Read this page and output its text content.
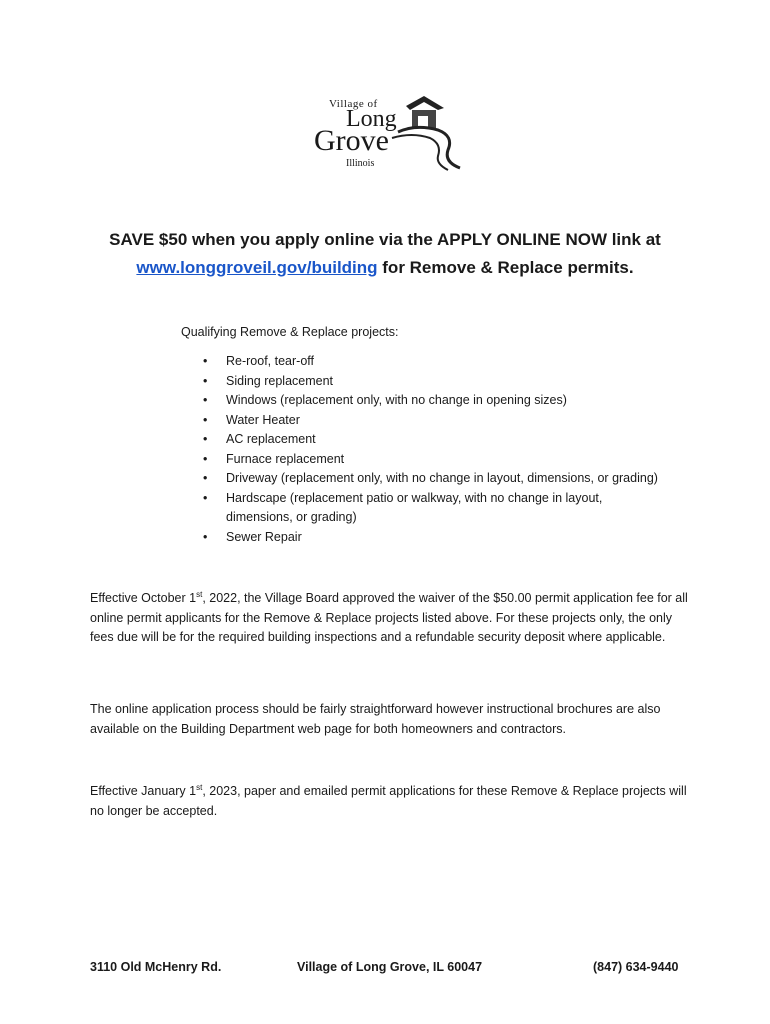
Village of
Long
Grove
Illinois
SAVE $50 when you apply online via the APPLY ONLINE NOW link at
www.longgroveil.gov/building for Remove & Replace permits.
Qualifying Remove & Replace projects:
• Re-roof, tear-off
• Siding replacement
• Windows (replacement only, with no change in opening sizes)
• Water Heater
• AC replacement
• Furnace replacement
• Driveway (replacement only, with no change in layout, dimensions, or grading)
• Hardscape (replacement patio or walkway, with no change in layout, dimensions, or grading)
• Sewer Repair
Effective October 1st, 2022, the Village Board approved the waiver of the $50.00 permit application fee for all online permit applicants for the Remove & Replace projects listed above. For these projects only, the only fees due will be for the required building inspections and a refundable security deposit where applicable.
The online application process should be fairly straightforward however instructional brochures are also available on the Building Department web page for both homeowners and contractors.
Effective January 1st, 2023, paper and emailed permit applications for these Remove & Replace projects will no longer be accepted.
3110 Old McHenry Rd.	Village of Long Grove, IL 60047	(847) 634-9440
